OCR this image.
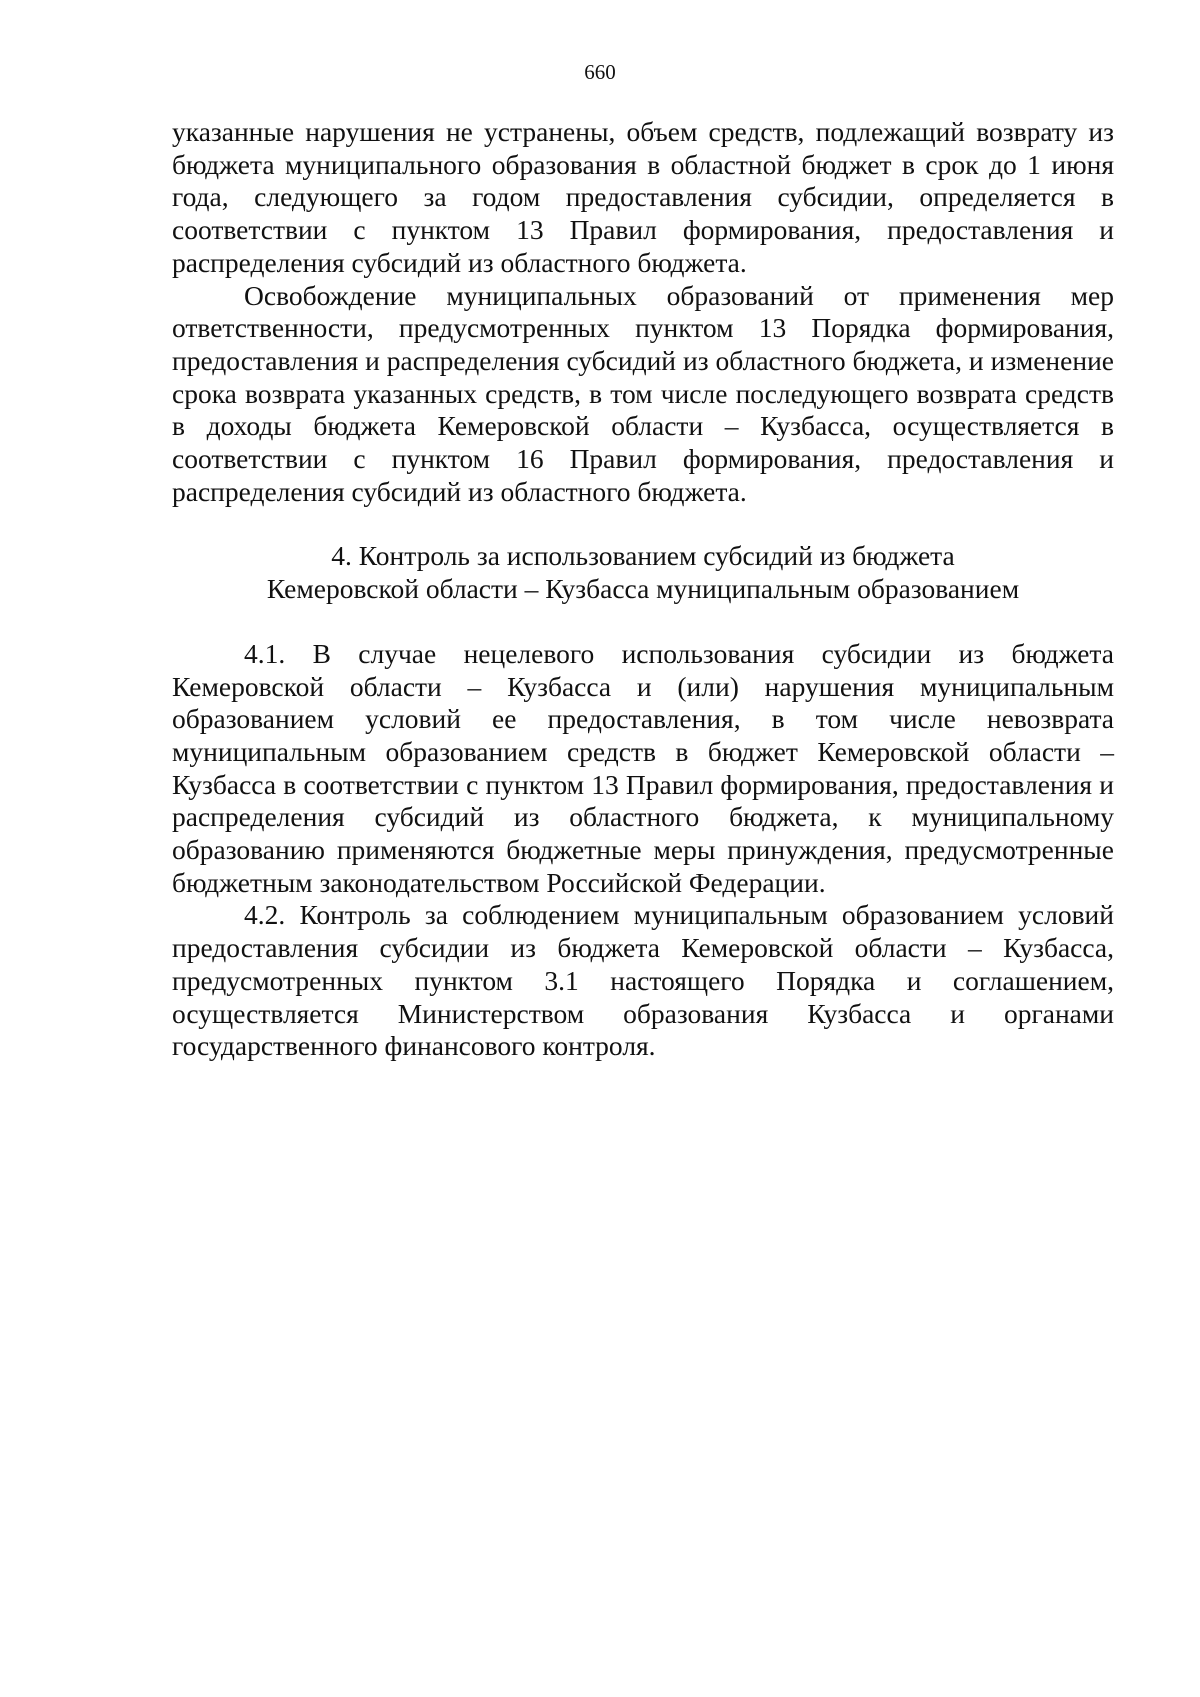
660

указанные нарушения не устранены, объем средств, подлежащий возврату из бюджета муниципального образования в областной бюджет в срок до 1 июня года, следующего за годом предоставления субсидии, определяется в соответствии с пунктом 13 Правил формирования, предоставления и распределения субсидий из областного бюджета.

Освобождение муниципальных образований от применения мер ответственности, предусмотренных пунктом 13 Порядка формирования, предоставления и распределения субсидий из областного бюджета, и изменение срока возврата указанных средств, в том числе последующего возврата средств в доходы бюджета Кемеровской области – Кузбасса, осуществляется в соответствии с пунктом 16 Правил формирования, предоставления и распределения субсидий из областного бюджета.

4. Контроль за использованием субсидий из бюджета
Кемеровской области – Кузбасса муниципальным образованием

4.1. В случае нецелевого использования субсидии из бюджета Кемеровской области – Кузбасса и (или) нарушения муниципальным образованием условий ее предоставления, в том числе невозврата муниципальным образованием средств в бюджет Кемеровской области – Кузбасса в соответствии с пунктом 13 Правил формирования, предоставления и распределения субсидий из областного бюджета, к муниципальному образованию применяются бюджетные меры принуждения, предусмотренные бюджетным законодательством Российской Федерации.

4.2. Контроль за соблюдением муниципальным образованием условий предоставления субсидии из бюджета Кемеровской области – Кузбасса, предусмотренных пунктом 3.1 настоящего Порядка и соглашением, осуществляется Министерством образования Кузбасса и органами государственного финансового контроля.
